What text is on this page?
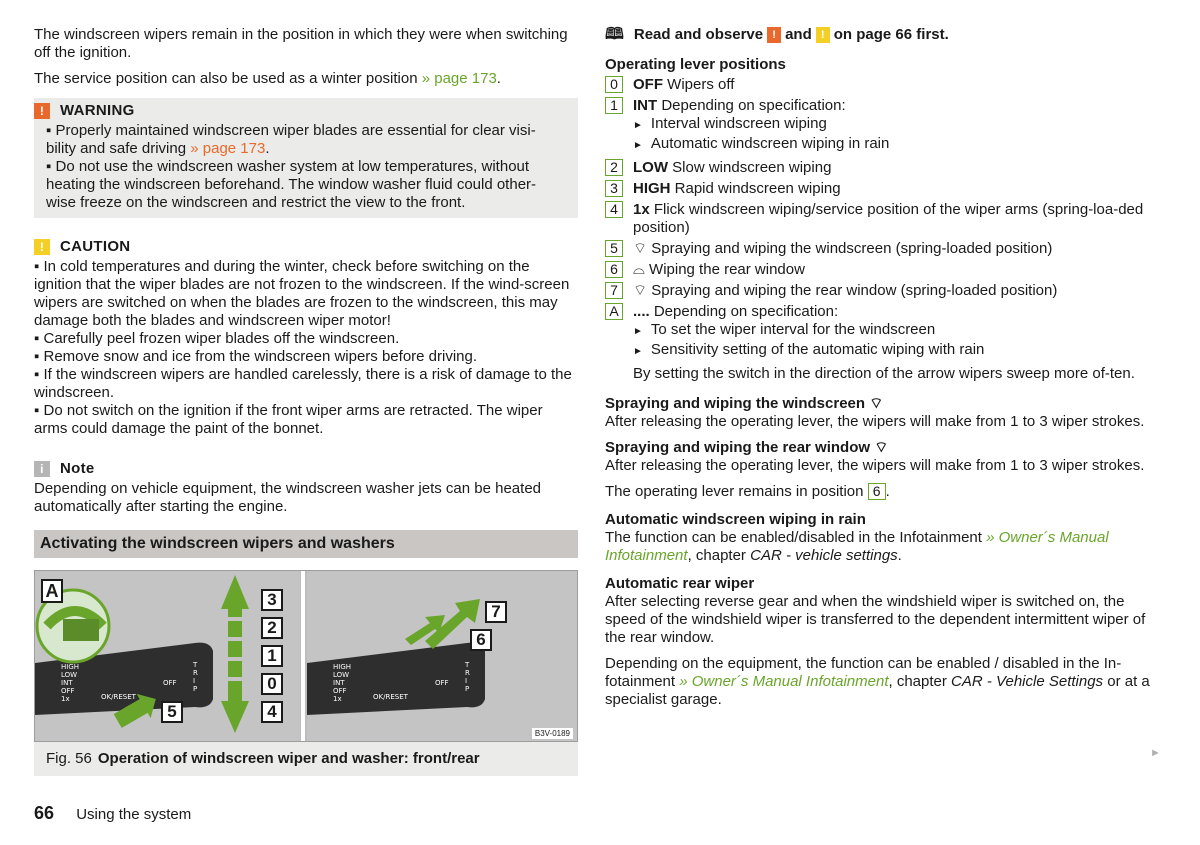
The windscreen wipers remain in the position in which they were when switching off the ignition.

The service position can also be used as a winter position » page 173.

!	WARNING

▪ Properly maintained windscreen wiper blades are essential for clear visi-bility and safe driving » page 173.

▪ Do not use the windscreen washer system at low temperatures, without heating the windscreen beforehand. The window washer fluid could other-wise freeze on the windscreen and restrict the view to the front.

!	CAUTION

▪ In cold temperatures and during the winter, check before switching on the ignition that the wiper blades are not frozen to the windscreen. If the wind-screen wipers are switched on when the blades are frozen to the windscreen, this may damage both the blades and windscreen wiper motor!

▪ Carefully peel frozen wiper blades off the windscreen.

▪ Remove snow and ice from the windscreen wipers before driving.

▪ If the windscreen wipers are handled carelessly, there is a risk of damage to the windscreen.

▪ Do not switch on the ignition if the front wiper arms are retracted. The wiper arms could damage the paint of the bonnet.

i	Note

Depending on vehicle equipment, the windscreen washer jets can be heated automatically after starting the engine.

Activating the windscreen wipers and washers
HIGH
LOW
INT
OFF
1x	OK/RESET
OFF
T
R
I
P
HIGH
LOW
INT
OFF
1x	OK/RESET
OFF
T
R
I
P
A	3
2
1
0
4
5
7
6
B3V-0189
Fig. 56 Operation of windscreen wiper and washer: front/rear
🕮 Read and observe ! and ! on page 66 first.
Operating lever positions
0	OFF Wipers off
1	INT Depending on specification:
► Interval windscreen wiping
► Automatic windscreen wiping in rain
2	LOW Slow windscreen wiping
3	HIGH Rapid windscreen wiping
4	1x Flick windscreen wiping/service position of the wiper arms (spring-loa-ded position)
5	⌔ Spraying and wiping the windscreen (spring-loaded position)
6	⌓ Wiping the rear window
7	⌔ Spraying and wiping the rear window (spring-loaded position)
A .... Depending on specification:
► To set the wiper interval for the windscreen
► Sensitivity setting of the automatic wiping with rain

By setting the switch in the direction of the arrow wipers sweep more of-ten.

Spraying and wiping the windscreen ⌔

After releasing the operating lever, the wipers will make from 1 to 3 wiper strokes.

Spraying and wiping the rear window ⌔

After releasing the operating lever, the wipers will make from 1 to 3 wiper strokes.

The operating lever remains in position 6 .

Automatic windscreen wiping in rain

The function can be enabled/disabled in the Infotainment » Owner´s Manual Infotainment, chapter CAR - vehicle settings.

Automatic rear wiper

After selecting reverse gear and when the windshield wiper is switched on, the speed of the windshield wiper is transferred to the dependent intermittent wiper of the rear window.

Depending on the equipment, the function can be enabled / disabled in the In-fotainment » Owner´s Manual Infotainment, chapter CAR - Vehicle Settings or at a specialist garage.

►
66 Using the system
